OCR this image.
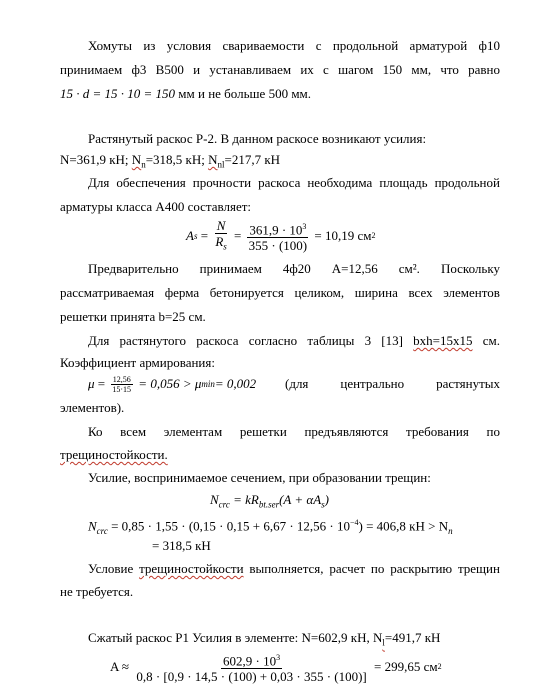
Хомуты из условия свариваемости с продольной арматурой ф10
принимаем ф3 В500 и устанавливаем их с шагом 150 мм, что равно
15 · d = 15 · 10 = 150 мм и не больше 500 мм.
Растянутый раскос Р-2. В данном раскосе возникают усилия:
N=361,9 кН; $N_n=318,5$ кН; $N_{nl}=217,7$ кН
Для обеспечения прочности раскоса необходима площадь продольной
арматуры класса А400 составляет:
A $s = \frac{N}{R_s} = \frac{361,9 \cdot 10^3}{355 \cdot (100)}$
= 10,19 см 2
Предварительно принимаем 4ф20 А=12,56 см². Поскольку
рассматриваемая ферма бетонируется целиком, ширина всех элементов
решетки принята b=25 см.
Для растянутого раскоса согласно таблицы 3 [13] bxh=15x15 см.
Коэффициент армирования:
$\mu = \frac{12,56}{15\cdot 15}$
= 0,056 > μ min = 0,002 (для центрально растянутых
элементов).
Ко всем элементам решетки предъявляются требования по
трещиностойкости.
Усилие, воспринимаемое сечением, при образовании трещин:
$N_{crc} = kR_{bt.ser}(A + \alpha A_s)$
$N_{crc} = 0,85 \cdot 1,55 \cdot (0,15 \cdot 0,15 + 6,67 \cdot 12,56 \cdot 10^{-4}) = 406,8$ кН > $N_n$
= 318,5 кН
Условие трещиностойкости выполняется, расчет по раскрытию трещин
не требуется.
Сжатый раскос Р1 Усилия в элементе: N=602,9 кН, $N_l=491,7$ кН
A ≈
$\frac{602,9 \cdot 10^3}{0,8 \cdot [0,9 \cdot 14,5 \cdot (100) + 0,03 \cdot 355 \cdot (100)]}$
= 299,65 см 2
